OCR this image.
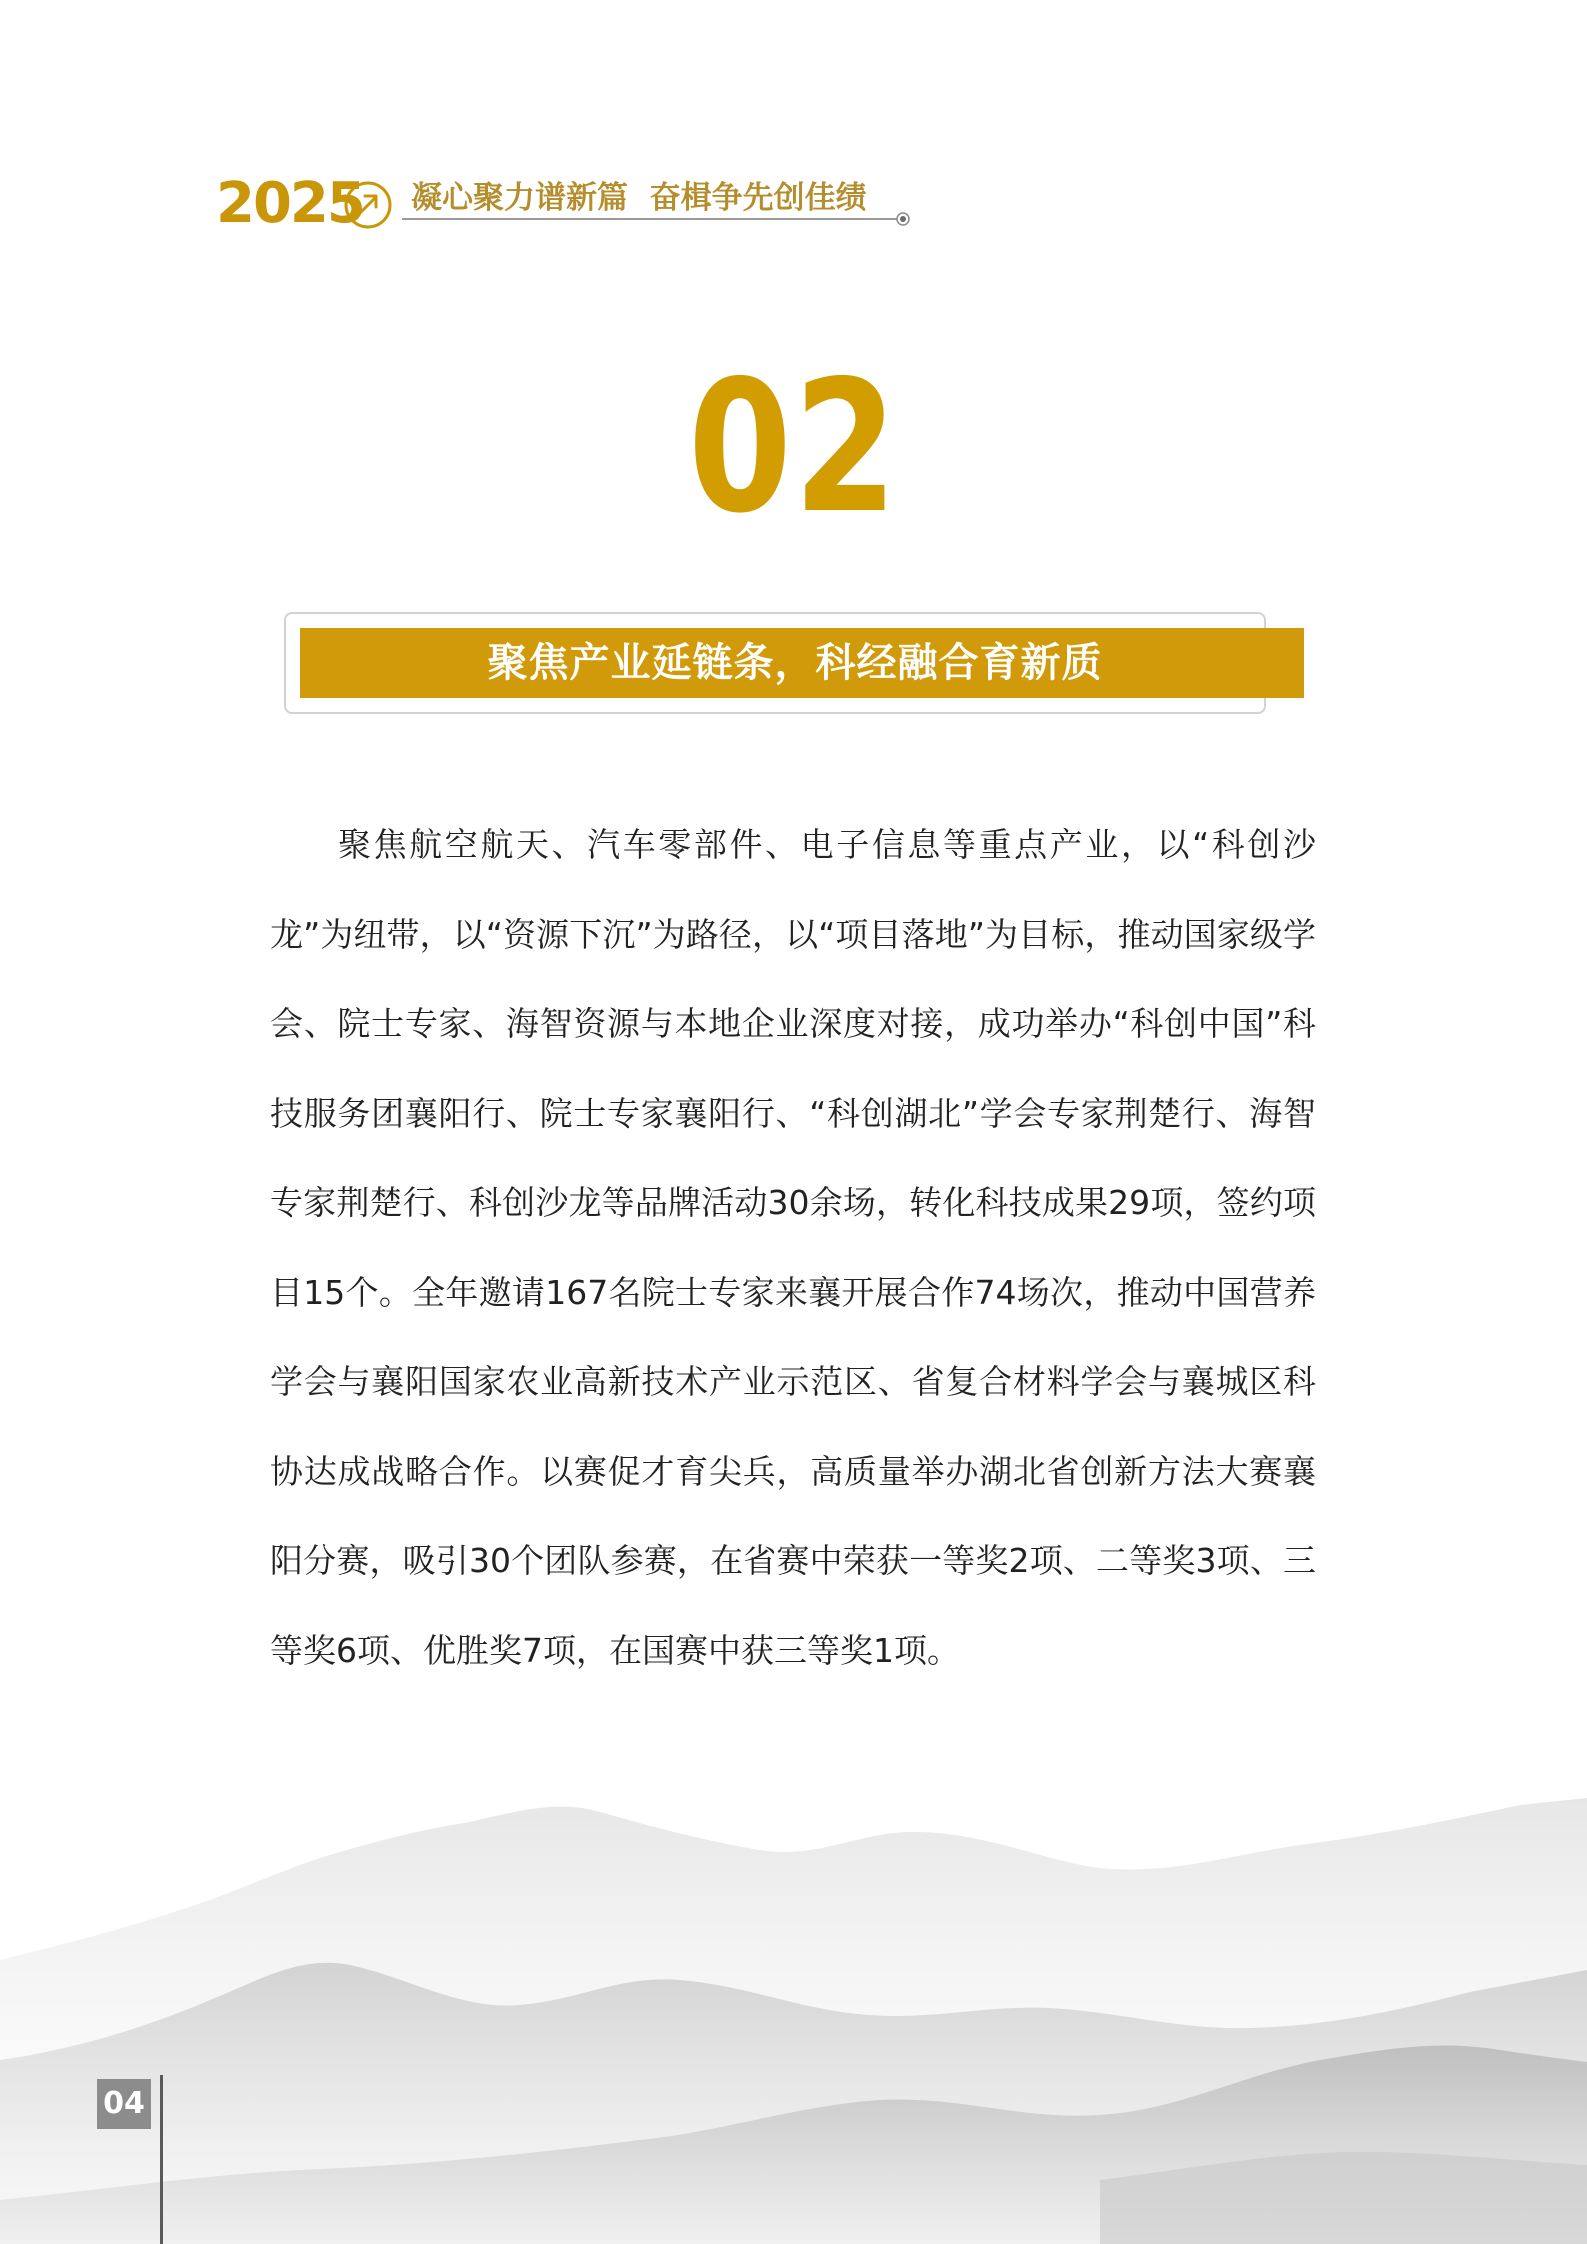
2025 凝心聚力谱新篇  奋楫争先创佳绩
02
聚焦产业延链条，科经融合育新质

聚焦航空航天、汽车零部件、电子信息等重点产业，以“科创沙龙”为纽带，以“资源下沉”为路径，以“项目落地”为目标，推动国家级学会、院士专家、海智资源与本地企业深度对接，成功举办“科创中国”科技服务团襄阳行、院士专家襄阳行、“科创湖北”学会专家荆楚行、海智专家荆楚行、科创沙龙等品牌活动30余场，转化科技成果29项，签约项目15个。全年邀请167名院士专家来襄开展合作74场次，推动中国营养学会与襄阳国家农业高新技术产业示范区、省复合材料学会与襄城区科协达成战略合作。以赛促才育尖兵，高质量举办湖北省创新方法大赛襄阳分赛，吸引30个团队参赛，在省赛中荣获一等奖2项、二等奖3项、三等奖6项、优胜奖7项，在国赛中获三等奖1项。

04
